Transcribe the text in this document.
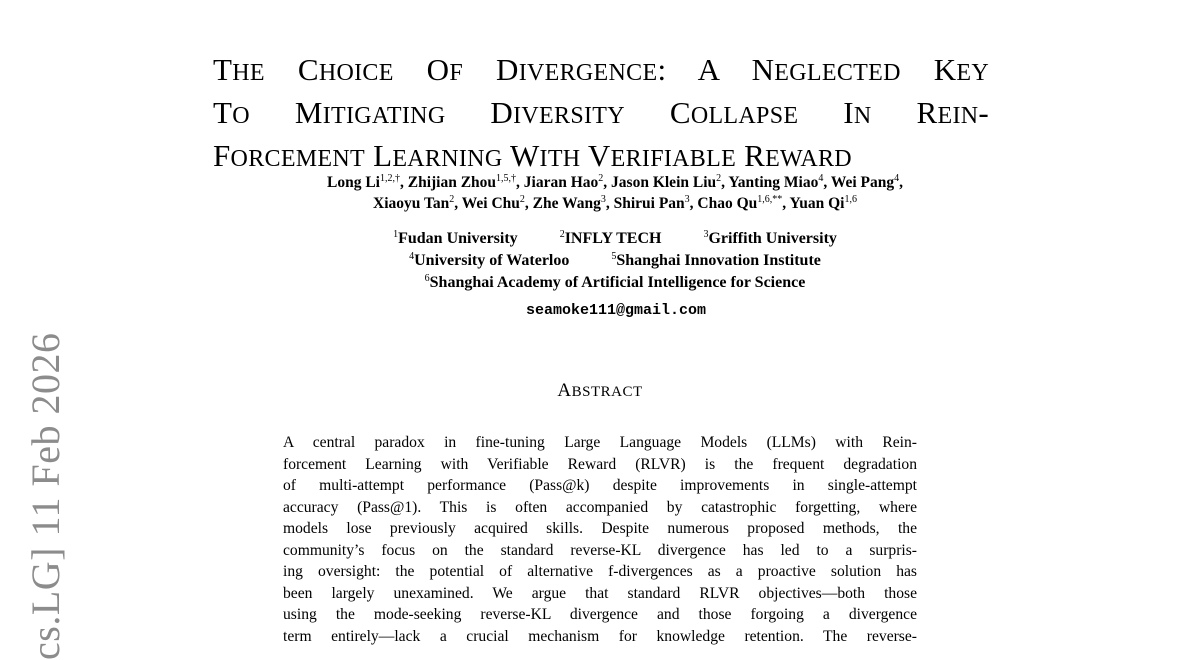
cs.LG] 11 Feb 2026
THE CHOICE OF DIVERGENCE: A NEGLECTED KEY
TO MITIGATING DIVERSITY COLLAPSE IN REIN-
FORCEMENT LEARNING WITH VERIFIABLE REWARD
Long $Li^{1,2,\dagger}$, Zhijian Zhou$^{1,5,\dagger}$, Jiaran Hao$^2$, Jason Klein Liu$^2$, Yanting Miao$^4$, Wei Pang$^4$,
Xiaoyu Tan$^2$, Wei Chu$^2$, Zhe Wang$^3$, Shirui Pan$^3$, Chao $Qu^{1,6,**}$, Yuan Qi$^{1,6}$
$^1$Fudan University	$^2$INFLY TECH	$^3$Griffith University
$^4$University of Waterloo	$^5$Shanghai Innovation Institute
$^6$Shanghai Academy of Artificial Intelligence for Science
seamoke111@gmail.com
ABSTRACT
A central paradox in fine-tuning Large Language Models (LLMs) with Rein-
forcement Learning with Verifiable Reward (RLVR) is the frequent degradation
of multi-attempt performance (Pass@k) despite improvements in single-attempt
accuracy (Pass@1). This is often accompanied by catastrophic forgetting, where
models lose previously acquired skills. Despite numerous proposed methods, the
community’s focus on the standard reverse-KL divergence has led to a surpris-
ing oversight: the potential of alternative f-divergences as a proactive solution has
been largely unexamined. We argue that standard RLVR objectives—both those
using the mode-seeking reverse-KL divergence and those forgoing a divergence
term entirely—lack a crucial mechanism for knowledge retention. The reverse-
